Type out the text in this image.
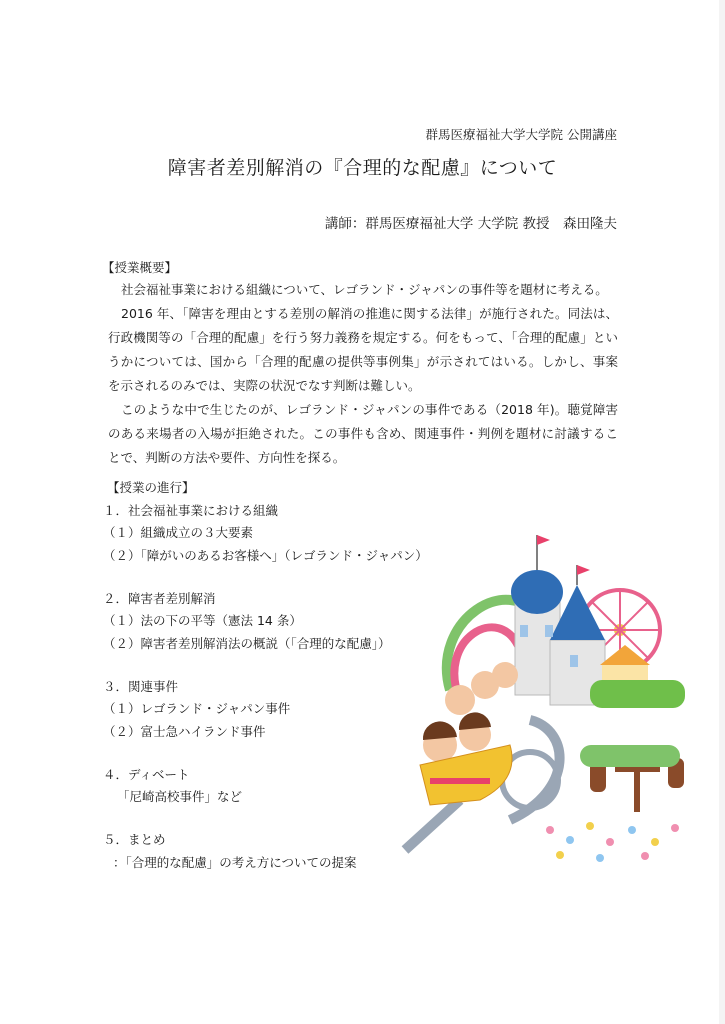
群馬医療福祉大学大学院 公開講座
障害者差別解消の『合理的な配慮』について
講師：群馬医療福祉大学 大学院 教授　森田隆夫
【授業概要】

社会福祉事業における組織について、レゴランド・ジャパンの事件等を題材に考える。

2016 年、「障害を理由とする差別の解消の推進に関する法律」が施行された。同法は、行政機関等の「合理的配慮」を行う努力義務を規定する。何をもって、「合理的配慮」というかについては、国から「合理的配慮の提供等事例集」が示されてはいる。しかし、事案を示されるのみでは、実際の状況でなす判断は難しい。

このような中で生じたのが、レゴランド・ジャパンの事件である（2018 年)。聴覚障害のある来場者の入場が拒絶された。この事件も含め、関連事件・判例を題材に討議することで、判断の方法や要件、方向性を探る。

【授業の進行】
１．社会福祉事業における組織
（１）組織成立の３大要素
（２）「障がいのあるお客様へ」（レゴランド・ジャパン）
２．障害者差別解消
（１）法の下の平等（憲法 14 条）
（２）障害者差別解消法の概説（「合理的な配慮」）
３．関連事件
（１）レゴランド・ジャパン事件
（２）富士急ハイランド事件
４．ディベート
「尼崎高校事件」など
５．まとめ
：「合理的な配慮」の考え方についての提案
